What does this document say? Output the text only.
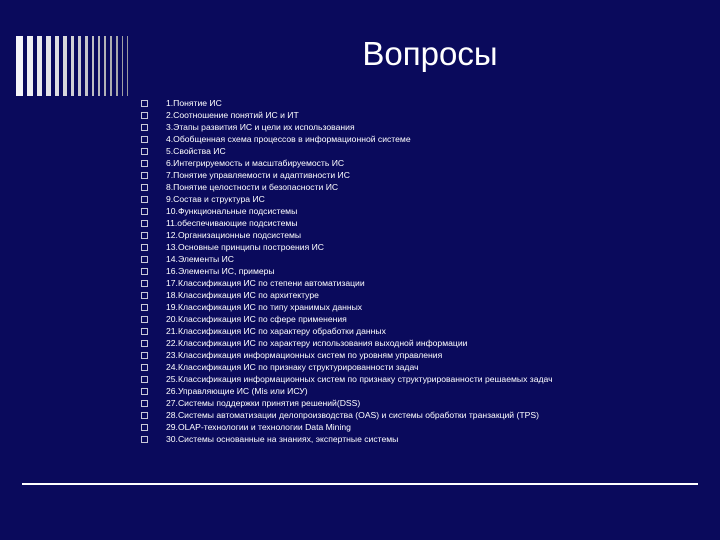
Вопросы
1.Понятие ИС
2.Соотношение понятий ИС и ИТ
3.Этапы развития ИС и цели их использования
4.Обобщенная схема процессов в информационной системе
5.Свойства ИС
6.Интегрируемость и масштабируемость ИС
7.Понятие управляемости и адаптивности ИС
8.Понятие целостности и безопасности ИС
9.Состав и структура ИС
10.Функциональные подсистемы
11.обеспечивающие подсистемы
12.Организационные подсистемы
13.Основные принципы построения ИС
14.Элементы ИС
16.Элементы ИС, примеры
17.Классификация ИС по степени автоматизации
18.Классификация ИС по архитектуре
19.Классификация ИС по типу хранимых данных
20.Классификация ИС по сфере применения
21.Классификация ИС по характеру обработки данных
22.Классификация ИС по характеру использования выходной информации
23.Классификация информационных систем по уровням управления
24.Классификация ИС по признаку структурированности задач
25.Классификация информационных систем по признаку структурированности решаемых задач
26.Управляющие ИС (Mis или ИСУ)
27.Системы поддержки принятия решений(DSS)
28.Системы автоматизации делопроизводства (OAS) и системы обработки транзакций (TPS)
29.OLAP-технологии и технологии Data Mining
30.Системы основанные на знаниях, экспертные системы
